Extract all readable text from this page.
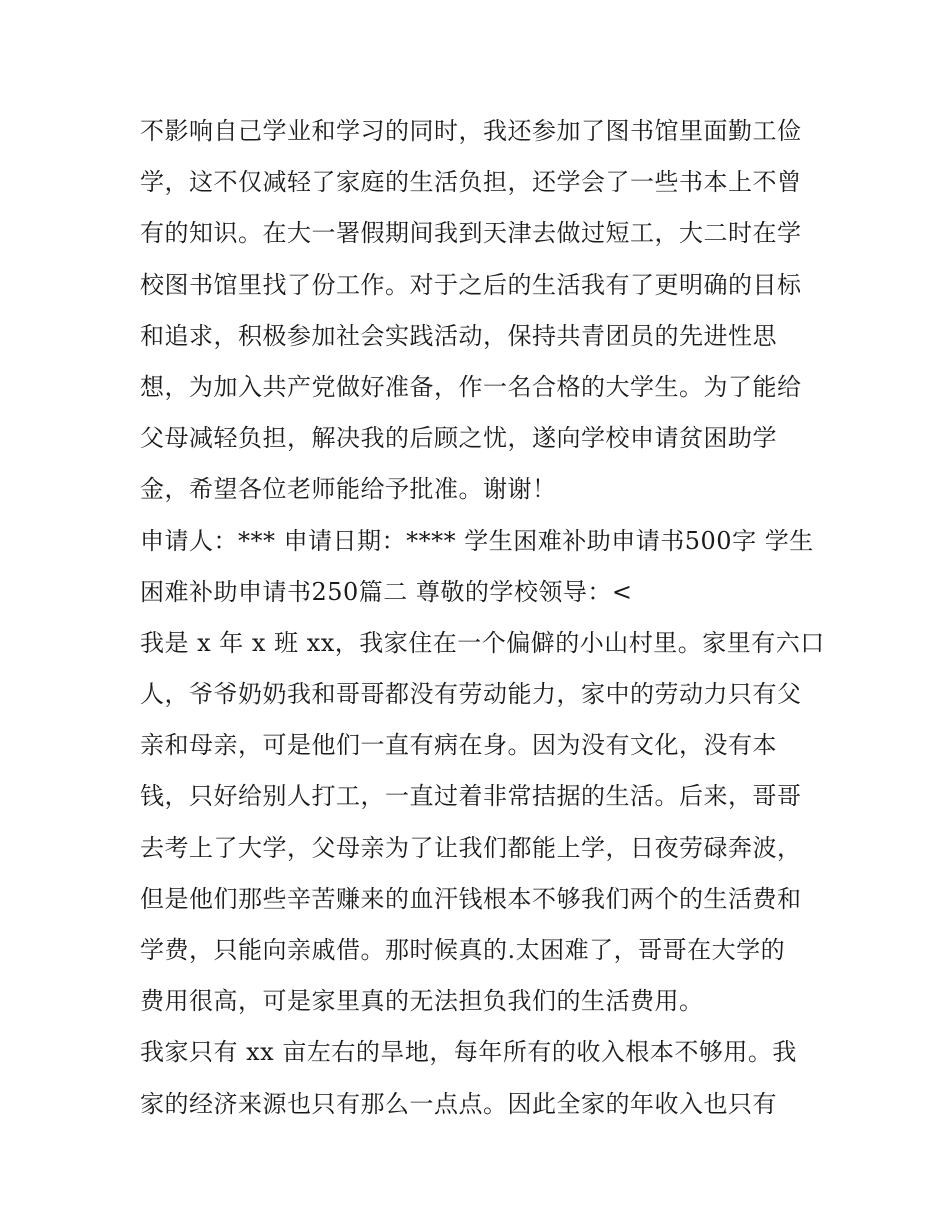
不影响自己学业和学习的同时，我还参加了图书馆里面勤工俭
学，这不仅减轻了家庭的生活负担，还学会了一些书本上不曾
有的知识。在大一署假期间我到天津去做过短工，大二时在学
校图书馆里找了份工作。对于之后的生活我有了更明确的目标
和追求，积极参加社会实践活动，保持共青团员的先进性思
想，为加入共产党做好准备，作一名合格的大学生。为了能给
父母减轻负担，解决我的后顾之忧，遂向学校申请贫困助学
金，希望各位老师能给予批准。谢谢！
申请人：*** 申请日期：**** 学生困难补助申请书500字 学生
困难补助申请书250篇二 尊敬的学校领导：<
我是 x 年 x 班 xx，我家住在一个偏僻的小山村里。家里有六口
人，爷爷奶奶我和哥哥都没有劳动能力，家中的劳动力只有父
亲和母亲，可是他们一直有病在身。因为没有文化，没有本
钱，只好给别人打工，一直过着非常拮据的生活。后来，哥哥
去考上了大学，父母亲为了让我们都能上学，日夜劳碌奔波，
但是他们那些辛苦赚来的血汗钱根本不够我们两个的生活费和
学费，只能向亲戚借。那时候真的.太困难了，哥哥在大学的
费用很高，可是家里真的无法担负我们的生活费用。
我家只有 xx 亩左右的旱地，每年所有的收入根本不够用。我
家的经济来源也只有那么一点点。因此全家的年收入也只有
